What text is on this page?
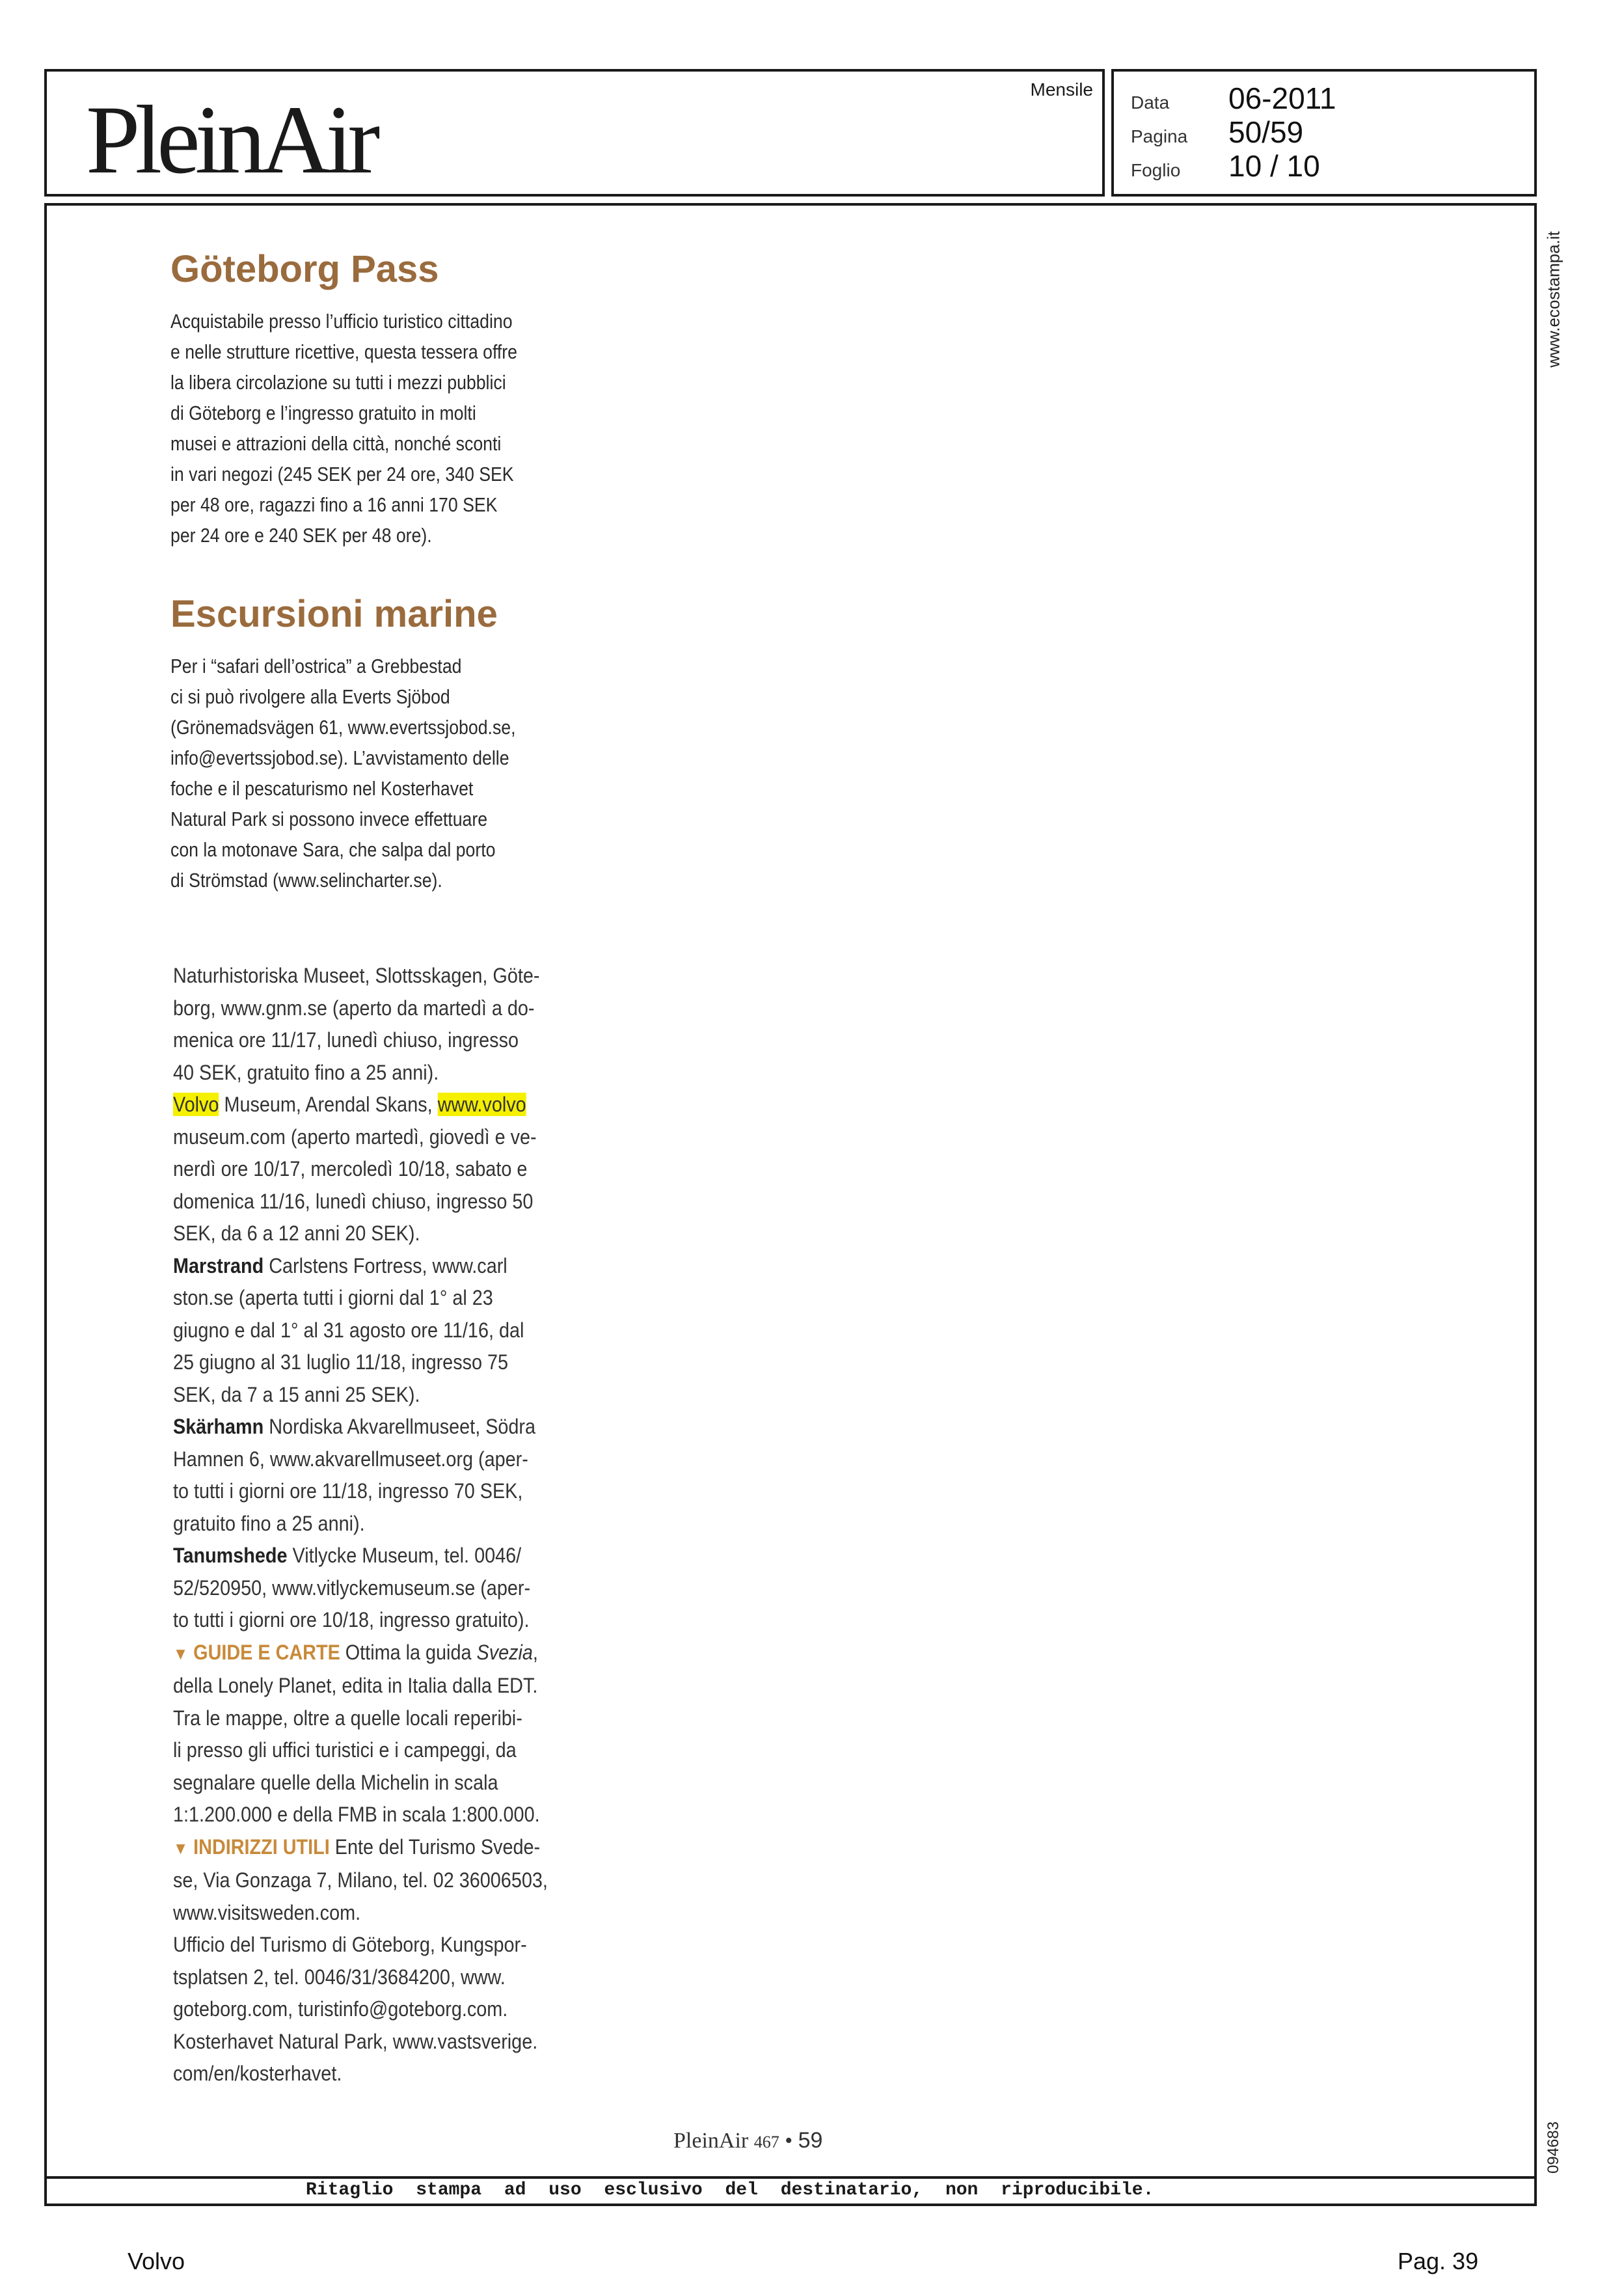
PleinAir	Mensile
Data	06-2011
Pagina	50/59
Foglio	10 / 10
www.ecostampa.it
094683
Göteborg Pass
Acquistabile presso l’ufficio turistico cittadino
e nelle strutture ricettive, questa tessera offre
la libera circolazione su tutti i mezzi pubblici
di Göteborg e l’ingresso gratuito in molti
musei e attrazioni della città, nonché sconti
in vari negozi (245 SEK per 24 ore, 340 SEK
per 48 ore, ragazzi fino a 16 anni 170 SEK
per 24 ore e 240 SEK per 48 ore).
Escursioni marine
Per i “safari dell’ostrica” a Grebbestad
ci si può rivolgere alla Everts Sjöbod
(Grönemadsvägen 61, www.evertssjobod.se,
info@evertssjobod.se). L’avvistamento delle
foche e il pescaturismo nel Kosterhavet
Natural Park si possono invece effettuare
con la motonave Sara, che salpa dal porto
di Strömstad (www.selincharter.se).
Naturhistoriska Museet, Slottsskagen, Göte-
borg, www.gnm.se (aperto da martedì a do-
menica ore 11/17, lunedì chiuso, ingresso
40 SEK, gratuito fino a 25 anni).
Volvo Museum, Arendal Skans, www.volvo
museum.com (aperto martedì, giovedì e ve-
nerdì ore 10/17, mercoledì 10/18, sabato e
domenica 11/16, lunedì chiuso, ingresso 50
SEK, da 6 a 12 anni 20 SEK).
Marstrand Carlstens Fortress, www.carl
ston.se (aperta tutti i giorni dal 1° al 23
giugno e dal 1° al 31 agosto ore 11/16, dal
25 giugno al 31 luglio 11/18, ingresso 75
SEK, da 7 a 15 anni 25 SEK).
Skärhamn Nordiska Akvarellmuseet, Södra
Hamnen 6, www.akvarellmuseet.org (aper-
to tutti i giorni ore 11/18, ingresso 70 SEK,
gratuito fino a 25 anni).
Tanumshede Vitlycke Museum, tel. 0046/
52/520950, www.vitlyckemuseum.se (aper-
to tutti i giorni ore 10/18, ingresso gratuito).
▼ GUIDE E CARTE Ottima la guida Svezia,
della Lonely Planet, edita in Italia dalla EDT.
Tra le mappe, oltre a quelle locali reperibi-
li presso gli uffici turistici e i campeggi, da
segnalare quelle della Michelin in scala
1:1.200.000 e della FMB in scala 1:800.000.
▼ INDIRIZZI UTILI Ente del Turismo Svede-
se, Via Gonzaga 7, Milano, tel. 02 36006503,
www.visitsweden.com.
Ufficio del Turismo di Göteborg, Kungspor-
tsplatsen 2, tel. 0046/31/3684200, www.
goteborg.com, turistinfo@goteborg.com.
Kosterhavet Natural Park, www.vastsverige.
com/en/kosterhavet.
PleinAir 467 • 59
Ritaglio stampa ad uso esclusivo del destinatario, non riproducibile.
Volvo	Pag. 39
